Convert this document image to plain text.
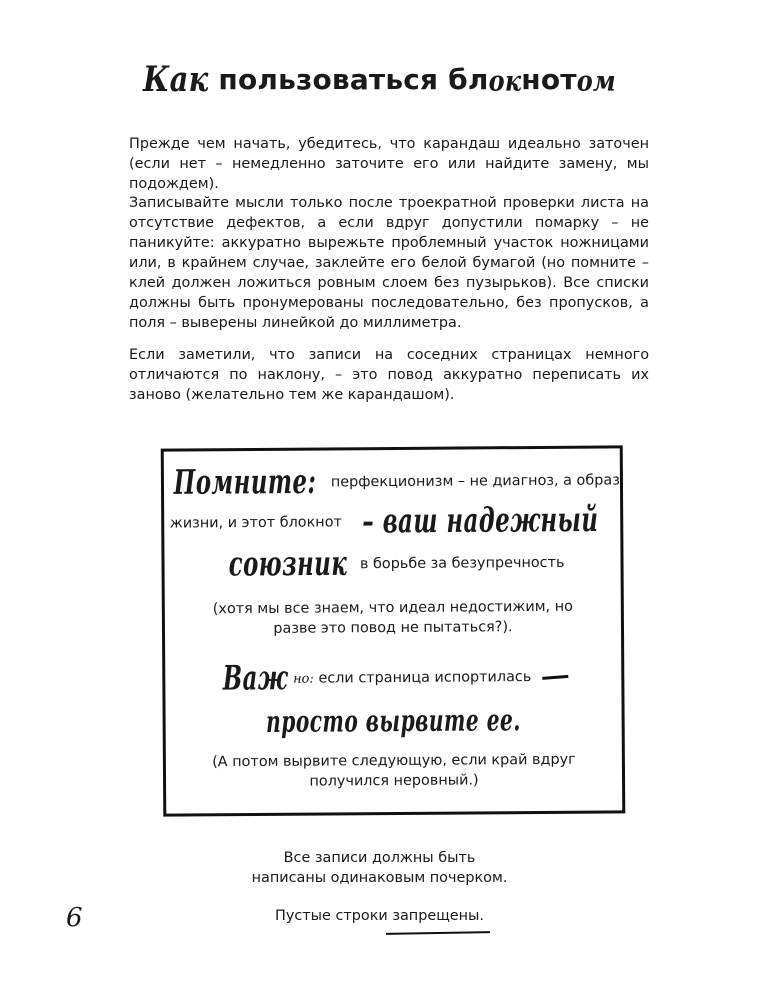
Как пользоваться блокнотом

Прежде чем начать, убедитесь, что карандаш идеально заточен (если нет – немедленно заточите его или найдите замену, мы подождем).

Записывайте мысли только после троекратной проверки листа на отсутствие дефектов, а если вдруг допустили помарку – не паникуйте: аккуратно вырежьте проблемный участок ножницами или, в крайнем случае, заклейте его белой бумагой (но помните – клей должен ложиться ровным слоем без пузырьков). Все списки должны быть пронумерованы последовательно, без пропусков, а поля – выверены линейкой до миллиметра.

Если заметили, что записи на соседних страницах немного отличаются по наклону, – это повод аккуратно переписать их заново (желательно тем же карандашом).

Помните: перфекционизм – не диагноз, а образ
жизни, и этот блокнот – ваш надежный
союзник в борьбе за безупречность
(хотя мы все знаем, что идеал недостижим, но
разве это повод не пытаться?).
Важ но: если страница испортилась
просто вырвите ее.
(А потом вырвите следующую, если край вдруг
получился неровный.)
Все записи должны быть
написаны одинаковым почерком.
Пустые строки запрещены.
6
